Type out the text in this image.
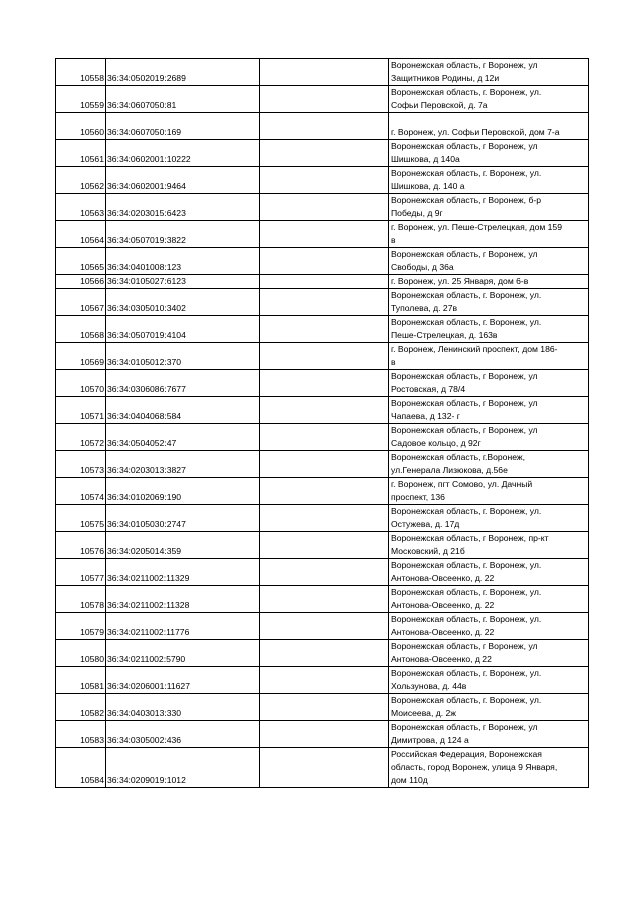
10558	36:34:0502019:2689		Воронежская область, г Воронеж, ул
Защитников Родины, д 12и
10559	36:34:0607050:81		Воронежская область, г. Воронеж, ул.
Софьи Перовской, д. 7а
10560	36:34:0607050:169		
г. Воронеж, ул. Софьи Перовской, дом 7-а
10561	36:34:0602001:10222		Воронежская область, г Воронеж, ул
Шишкова, д 140а
10562	36:34:0602001:9464		Воронежская область, г. Воронеж, ул.
Шишкова, д. 140 а
10563	36:34:0203015:6423		Воронежская область, г Воронеж, б-р
Победы, д 9г
10564	36:34:0507019:3822		г. Воронеж, ул. Пеше-Стрелецкая, дом 159
в
10565	36:34:0401008:123		Воронежская область, г Воронеж, ул
Свободы, д 36а
10566	36:34:0105027:6123		г. Воронеж, ул. 25 Января, дом 6-в
10567	36:34:0305010:3402		Воронежская область, г. Воронеж, ул.
Туполева, д. 27в
10568	36:34:0507019:4104		Воронежская область, г. Воронеж, ул.
Пеше-Стрелецкая, д. 163в
10569	36:34:0105012:370		г. Воронеж, Ленинский проспект, дом 186-
в
10570	36:34:0306086:7677		Воронежская область, г Воронеж, ул
Ростовская, д 78/4
10571	36:34:0404068:584		Воронежская область, г Воронеж, ул
Чапаева, д 132- г
10572	36:34:0504052:47		Воронежская область, г Воронеж, ул
Садовое кольцо, д 92г
10573	36:34:0203013:3827		Воронежская область, г.Воронеж,
ул.Генерала Лизюкова, д.56е
10574	36:34:0102069:190		г. Воронеж, пгт Сомово, ул. Дачный
проспект, 136
10575	36:34:0105030:2747		Воронежская область, г. Воронеж, ул.
Остужева, д. 17д
10576	36:34:0205014:359		Воронежская область, г Воронеж, пр-кт
Московский, д 21б
10577	36:34:0211002:11329		Воронежская область, г. Воронеж, ул.
Антонова-Овсеенко, д. 22
10578	36:34:0211002:11328		Воронежская область, г. Воронеж, ул.
Антонова-Овсеенко, д. 22
10579	36:34:0211002:11776		Воронежская область, г. Воронеж, ул.
Антонова-Овсеенко, д. 22
10580	36:34:0211002:5790		Воронежская область, г Воронеж, ул
Антонова-Овсеенко, д 22
10581	36:34:0206001:11627		Воронежская область, г. Воронеж, ул.
Хользунова, д. 44в
10582	36:34:0403013:330		Воронежская область, г. Воронеж, ул.
Моисеева, д. 2ж
10583	36:34:0305002:436		Воронежская область, г Воронеж, ул
Димитрова, д 124 а
10584	36:34:0209019:1012		Российская Федерация, Воронежская
область, город Воронеж, улица 9 Января,
дом 110д
